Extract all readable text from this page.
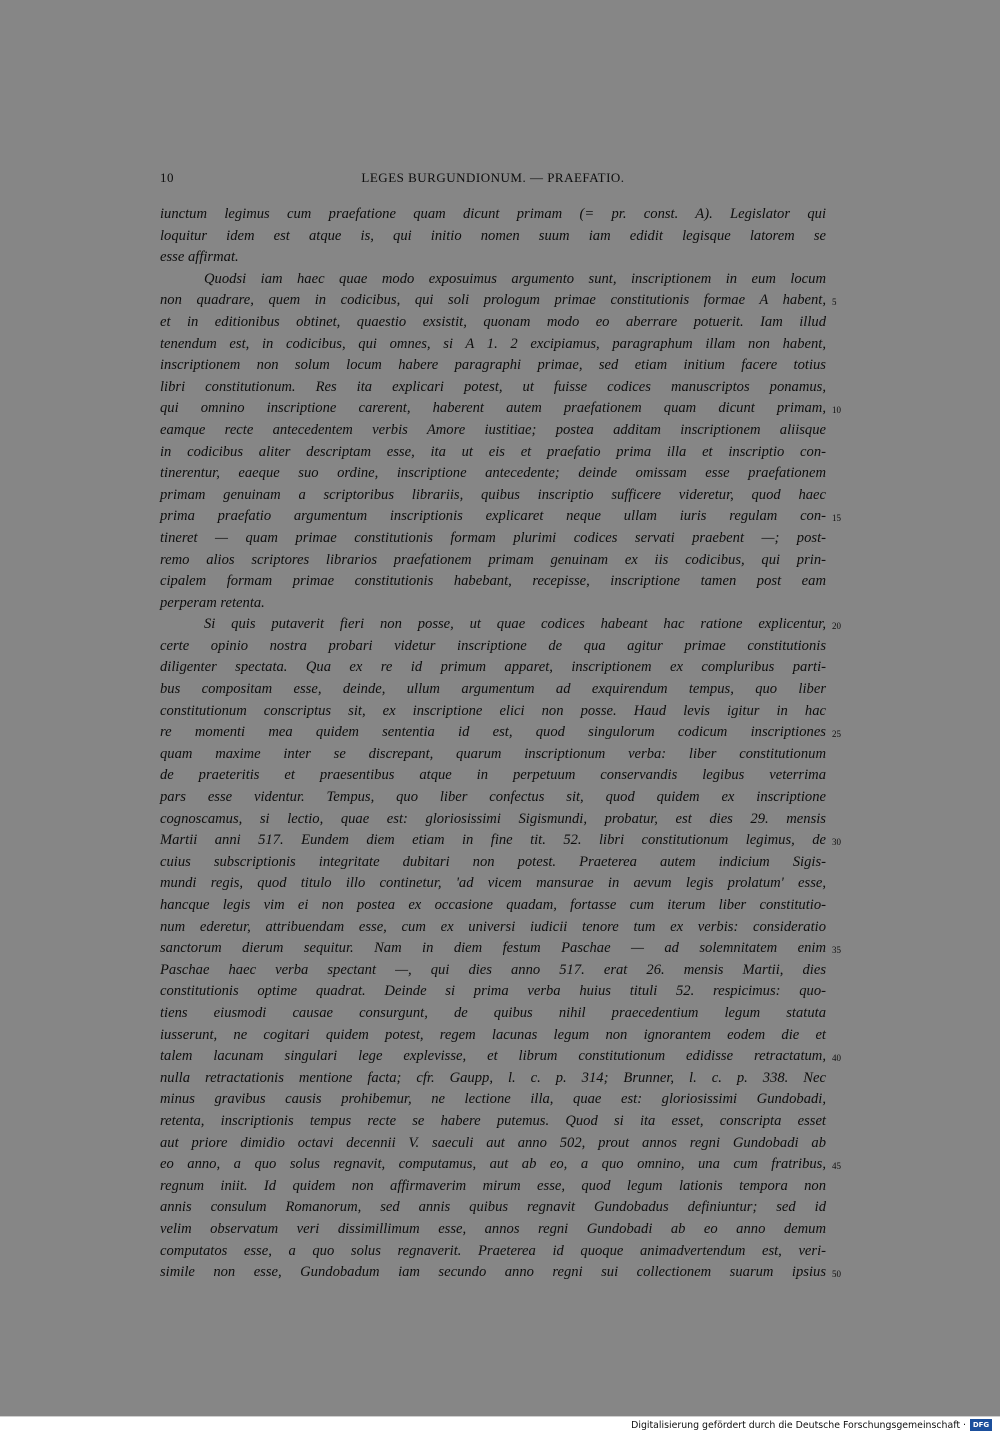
10	LEGES BURGUNDIONUM. — PRAEFATIO.
iunctum legimus cum praefatione quam dicunt primam (= pr. const. A). Legislator qui
loquitur idem est atque is, qui initio nomen suum iam edidit legisque latorem se
esse affirmat.
Quodsi iam haec quae modo exposuimus argumento sunt, inscriptionem in eum locum
non quadrare, quem in codicibus, qui soli prologum primae constitutionis formae A habent, 5
et in editionibus obtinet, quaestio exsistit, quonam modo eo aberrare potuerit. Iam illud
tenendum est, in codicibus, qui omnes, si A 1. 2 excipiamus, paragraphum illam non habent,
inscriptionem non solum locum habere paragraphi primae, sed etiam initium facere totius
libri constitutionum. Res ita explicari potest, ut fuisse codices manuscriptos ponamus,
qui omnino inscriptione carerent, haberent autem praefationem quam dicunt primam, 10
eamque recte antecedentem verbis Amore iustitiae; postea additam inscriptionem aliisque
in codicibus aliter descriptam esse, ita ut eis et praefatio prima illa et inscriptio con-
tinerentur, eaeque suo ordine, inscriptione antecedente; deinde omissam esse praefationem
primam genuinam a scriptoribus librariis, quibus inscriptio sufficere videretur, quod haec
prima praefatio argumentum inscriptionis explicaret neque ullam iuris regulam con- 15
tineret — quam primae constitutionis formam plurimi codices servati praebent —; post-
remo alios scriptores librarios praefationem primam genuinam ex iis codicibus, qui prin-
cipalem formam primae constitutionis habebant, recepisse, inscriptione tamen post eam
perperam retenta.
Si quis putaverit fieri non posse, ut quae codices habeant hac ratione explicentur, 20
certe opinio nostra probari videtur inscriptione de qua agitur primae constitutionis
diligenter spectata. Qua ex re id primum apparet, inscriptionem ex compluribus parti-
bus compositam esse, deinde, ullum argumentum ad exquirendum tempus, quo liber
constitutionum conscriptus sit, ex inscriptione elici non posse. Haud levis igitur in hac
re momenti mea quidem sententia id est, quod singulorum codicum inscriptiones 25
quam maxime inter se discrepant, quarum inscriptionum verba: liber constitutionum
de praeteritis et praesentibus atque in perpetuum conservandis legibus veterrima
pars esse videntur. Tempus, quo liber confectus sit, quod quidem ex inscriptione
cognoscamus, si lectio, quae est: gloriosissimi Sigismundi, probatur, est dies 29. mensis
Martii anni 517. Eundem diem etiam in fine tit. 52. libri constitutionum legimus, de 30
cuius subscriptionis integritate dubitari non potest. Praeterea autem indicium Sigis-
mundi regis, quod titulo illo continetur, 'ad vicem mansurae in aevum legis prolatum' esse,
hancque legis vim ei non postea ex occasione quadam, fortasse cum iterum liber constitutio-
num ederetur, attribuendam esse, cum ex universi iudicii tenore tum ex verbis: consideratio
sanctorum dierum sequitur. Nam in diem festum Paschae — ad solemnitatem enim 35
Paschae haec verba spectant —, qui dies anno 517. erat 26. mensis Martii, dies
constitutionis optime quadrat. Deinde si prima verba huius tituli 52. respicimus: quo-
tiens eiusmodi causae consurgunt, de quibus nihil praecedentium legum statuta
iusserunt, ne cogitari quidem potest, regem lacunas legum non ignorantem eodem die et
talem lacunam singulari lege explevisse, et librum constitutionum edidisse retractatum, 40
nulla retractationis mentione facta; cfr. Gaupp, l. c. p. 314; Brunner, l. c. p. 338. Nec
minus gravibus causis prohibemur, ne lectione illa, quae est: gloriosissimi Gundobadi,
retenta, inscriptionis tempus recte se habere putemus. Quod si ita esset, conscripta esset
aut priore dimidio octavi decennii V. saeculi aut anno 502, prout annos regni Gundobadi ab
eo anno, a quo solus regnavit, computamus, aut ab eo, a quo omnino, una cum fratribus, 45
regnum iniit. Id quidem non affirmaverim mirum esse, quod legum lationis tempora non
annis consulum Romanorum, sed annis quibus regnavit Gundobadus definiuntur; sed id
velim observatum veri dissimillimum esse, annos regni Gundobadi ab eo anno demum
computatos esse, a quo solus regnaverit. Praeterea id quoque animadvertendum est, veri-
simile non esse, Gundobadum iam secundo anno regni sui collectionem suarum ipsius 50
Digitalisierung gefördert durch die Deutsche Forschungsgemeinschaft · DFG
